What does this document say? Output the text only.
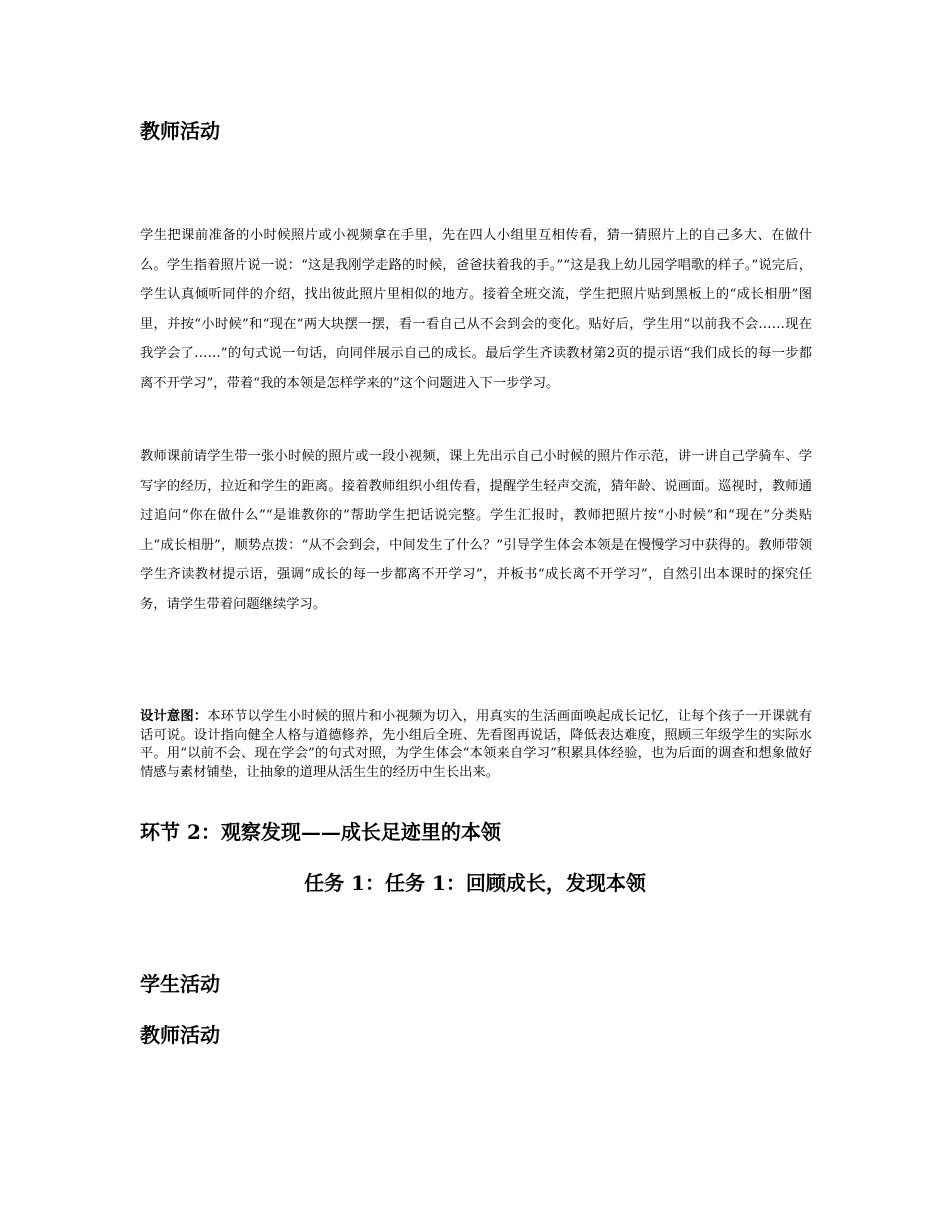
教师活动

学生把课前准备的小时候照片或小视频拿在手里，先在四人小组里互相传看，猜一猜照片上的自己多大、在做什么。学生指着照片说一说：“这是我刚学走路的时候，爸爸扶着我的手。”“这是我上幼儿园学唱歌的样子。”说完后，学生认真倾听同伴的介绍，找出彼此照片里相似的地方。接着全班交流，学生把照片贴到黑板上的“成长相册”图里，并按“小时候”和“现在”两大块摆一摆，看一看自己从不会到会的变化。贴好后，学生用“以前我不会……现在我学会了……”的句式说一句话，向同伴展示自己的成长。最后学生齐读教材第2页的提示语“我们成长的每一步都离不开学习”，带着“我的本领是怎样学来的”这个问题进入下一步学习。

教师课前请学生带一张小时候的照片或一段小视频，课上先出示自己小时候的照片作示范，讲一讲自己学骑车、学写字的经历，拉近和学生的距离。接着教师组织小组传看，提醒学生轻声交流，猜年龄、说画面。巡视时，教师通过追问“你在做什么”“是谁教你的”帮助学生把话说完整。学生汇报时，教师把照片按“小时候”和“现在”分类贴上“成长相册”，顺势点拨：“从不会到会，中间发生了什么？”引导学生体会本领是在慢慢学习中获得的。教师带领学生齐读教材提示语，强调“成长的每一步都离不开学习”，并板书“成长离不开学习”，自然引出本课时的探究任务，请学生带着问题继续学习。

设计意图：本环节以学生小时候的照片和小视频为切入，用真实的生活画面唤起成长记忆，让每个孩子一开课就有话可说。设计指向健全人格与道德修养，先小组后全班、先看图再说话，降低表达难度，照顾三年级学生的实际水平。用“以前不会、现在学会”的句式对照，为学生体会“本领来自学习”积累具体经验，也为后面的调查和想象做好情感与素材铺垫，让抽象的道理从活生生的经历中生长出来。

环节 2：观察发现——成长足迹里的本领
任务 1：任务 1：回顾成长，发现本领
学生活动
教师活动
